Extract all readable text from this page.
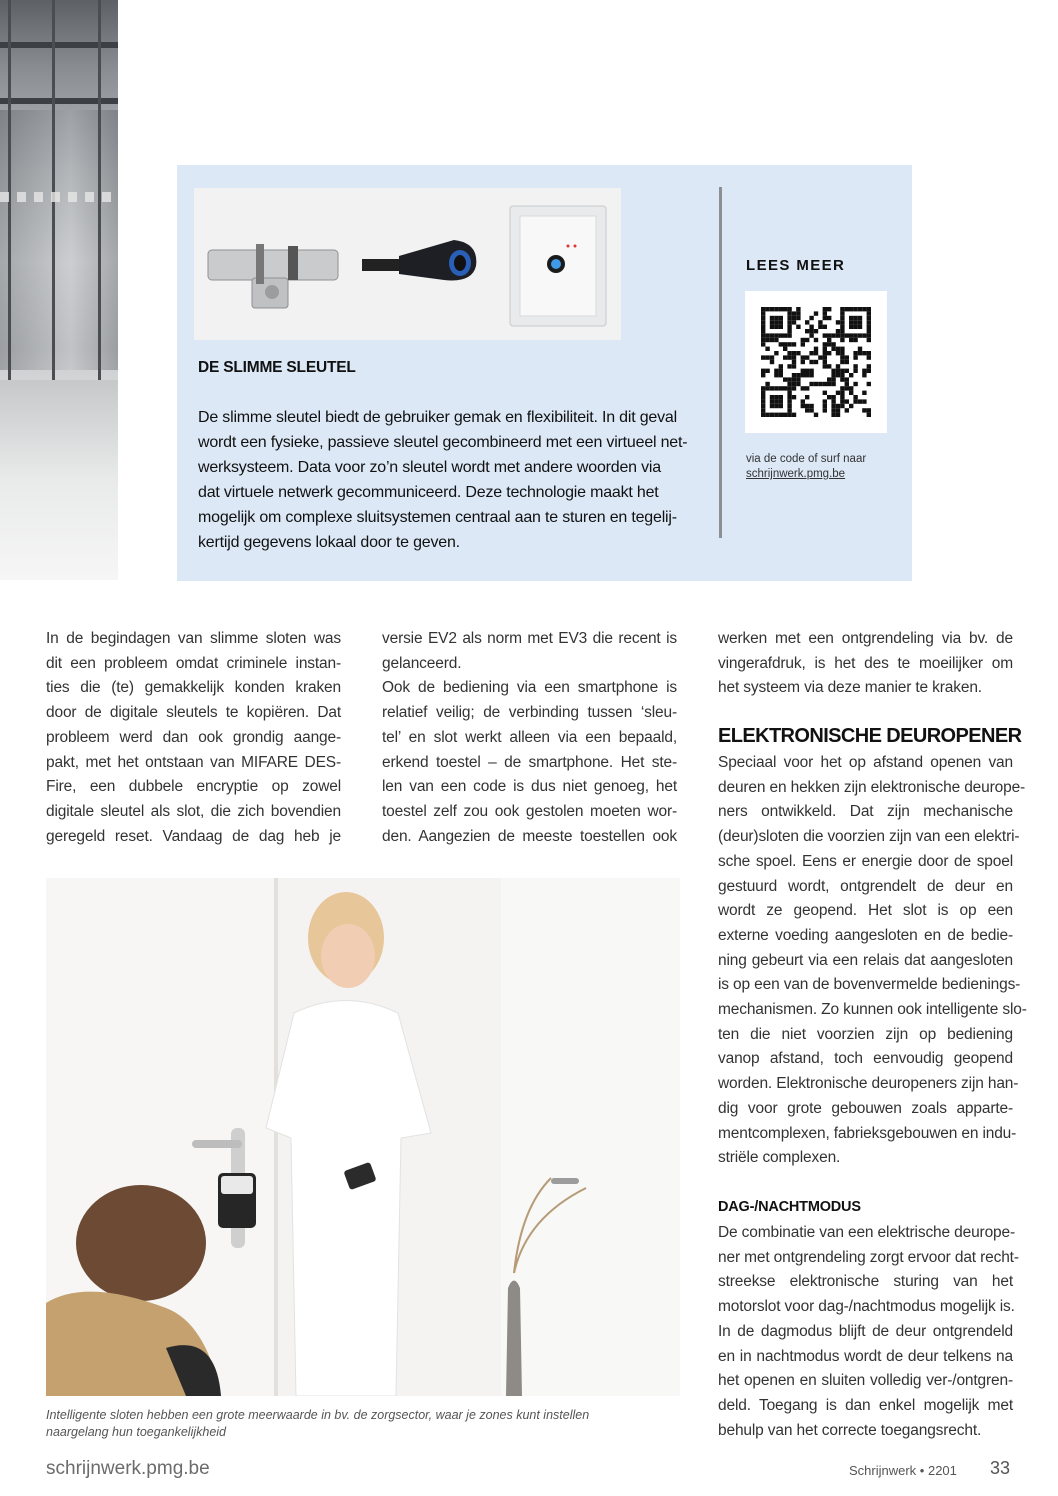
DE SLIMME SLEUTEL
De slimme sleutel biedt de gebruiker gemak en flexibiliteit. In dit geval
wordt een fysieke, passieve sleutel gecombineerd met een virtueel net-
werksysteem. Data voor zo’n sleutel wordt met andere woorden via
dat virtuele netwerk gecommuniceerd. Deze technologie maakt het
mogelijk om complexe sluitsystemen centraal aan te sturen en tegelij-
kertijd gegevens lokaal door te geven.
LEES MEER
via de code of surf naar
schrijnwerk.pmg.be
In de begindagen van slimme sloten was
dit een probleem omdat criminele instan-
ties die (te) gemakkelijk konden kraken
door de digitale sleutels te kopiëren. Dat
probleem werd dan ook grondig aange-
pakt, met het ontstaan van MIFARE DES-
Fire, een dubbele encryptie op zowel
digitale sleutel als slot, die zich bovendien
geregeld reset. Vandaag de dag heb je
versie EV2 als norm met EV3 die recent is
gelanceerd.
Ook de bediening via een smartphone is
relatief veilig; de verbinding tussen ‘sleu-
tel’ en slot werkt alleen via een bepaald,
erkend toestel – de smartphone. Het ste-
len van een code is dus niet genoeg, het
toestel zelf zou ook gestolen moeten wor-
den. Aangezien de meeste toestellen ook
werken met een ontgrendeling via bv. de
vingerafdruk, is het des te moeilijker om
het systeem via deze manier te kraken.
ELEKTRONISCHE DEUROPENER
Speciaal voor het op afstand openen van
deuren en hekken zijn elektronische deurope-
ners ontwikkeld. Dat zijn mechanische
(deur)sloten die voorzien zijn van een elektri-
sche spoel. Eens er energie door de spoel
gestuurd wordt, ontgrendelt de deur en
wordt ze geopend. Het slot is op een
externe voeding aangesloten en de bedie-
ning gebeurt via een relais dat aangesloten
is op een van de bovenvermelde bedienings-
mechanismen. Zo kunnen ook intelligente slo-
ten die niet voorzien zijn op bediening
vanop afstand, toch eenvoudig geopend
worden. Elektronische deuropeners zijn han-
dig voor grote gebouwen zoals apparte-
mentcomplexen, fabrieksgebouwen en indu-
striële complexen.
DAG-/NACHTMODUS
De combinatie van een elektrische deurope-
ner met ontgrendeling zorgt ervoor dat recht-
streekse elektronische sturing van het
motorslot voor dag-/nachtmodus mogelijk is.
In de dagmodus blijft de deur ontgrendeld
en in nachtmodus wordt de deur telkens na
het openen en sluiten volledig ver-/ontgren-
deld. Toegang is dan enkel mogelijk met
behulp van het correcte toegangsrecht.
Intelligente sloten hebben een grote meerwaarde in bv. de zorgsector, waar je zones kunt instellen
naargelang hun toegankelijkheid
schrijnwerk.pmg.be	Schrijnwerk • 2201 33
